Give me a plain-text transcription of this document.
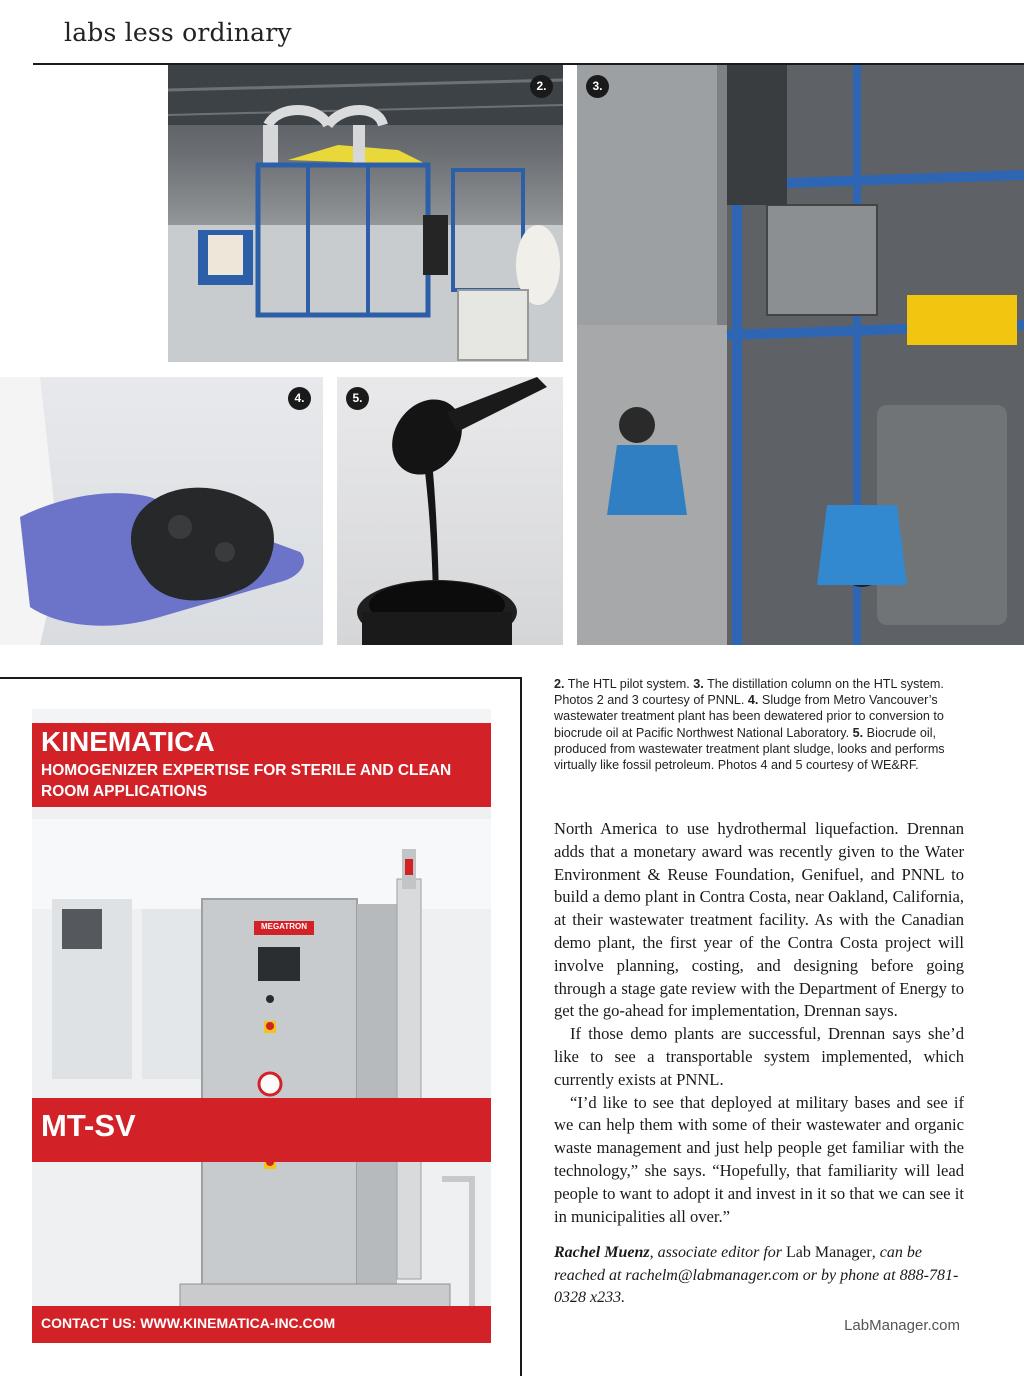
labs less ordinary
2.	3.
4.	5.
2. The HTL pilot system. 3. The distillation column on the HTL system. Photos 2 and 3 courtesy of PNNL. 4. Sludge from Metro Vancouver’s wastewater treatment plant has been dewatered prior to conversion to biocrude oil at Pacific Northwest National Laboratory. 5. Biocrude oil, produced from wastewater treatment plant sludge, looks and performs virtually like fossil petroleum. Photos 4 and 5 courtesy of WE&RF.

North America to use hydrothermal liquefaction. Drennan adds that a monetary award was recently given to the Water Environment & Reuse Foundation, Genifuel, and PNNL to build a demo plant in Contra Costa, near Oakland, California, at their wastewater treatment facility. As with the Canadian demo plant, the first year of the Contra Costa project will involve planning, costing, and designing before going through a stage gate review with the Department of Energy to get the go-ahead for implementation, Drennan says.

If those demo plants are successful, Drennan says she’d like to see a transportable system implemented, which currently exists at PNNL.

“I’d like to see that deployed at military bases and see if we can help them with some of their wastewater and organic waste management and just help people get familiar with the technology,” she says. “Hopefully, that familiarity will lead people to want to adopt it and invest in it so that we can see it in municipalities all over.”

Rachel Muenz, associate editor for Lab Manager, can be reached at rachelm@labmanager.com or by phone at 888-781-0328 x233.
LabManager.com
MEGATRON
KINEMATICA
HOMOGENIZER EXPERTISE FOR STERILE AND CLEAN ROOM APPLICATIONS
MT-SV
CONTACT US: WWW.KINEMATICA-INC.COM
